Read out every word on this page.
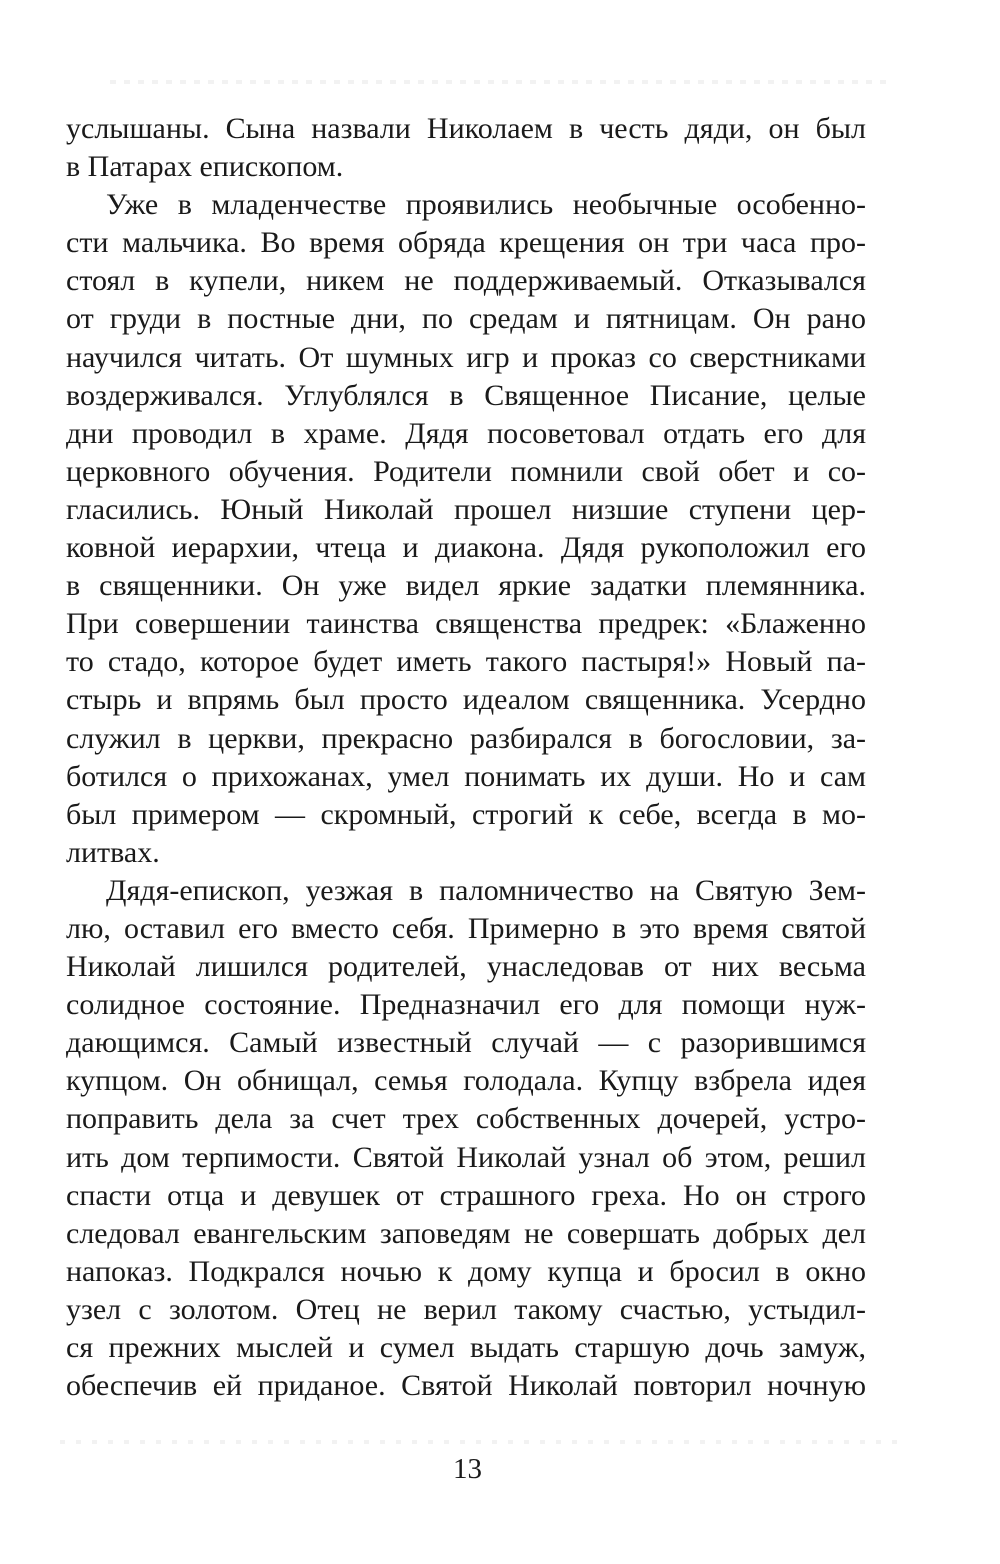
услышаны. Сына назвали Николаем в честь дяди, он был
в Патарах епископом.
Уже в младенчестве проявились необычные особенно-
сти мальчика. Во время обряда крещения он три часа про-
стоял в купели, никем не поддерживаемый. Отказывался
от груди в постные дни, по средам и пятницам. Он рано
научился читать. От шумных игр и проказ со сверстниками
воздерживался. Углублялся в Священное Писание, целые
дни проводил в храме. Дядя посоветовал отдать его для
церковного обучения. Родители помнили свой обет и со-
гласились. Юный Николай прошел низшие ступени цер-
ковной иерархии, чтеца и диакона. Дядя рукоположил его
в священники. Он уже видел яркие задатки племянника.
При совершении таинства священства предрек: «Блаженно
то стадо, которое будет иметь такого пастыря!» Новый па-
стырь и впрямь был просто идеалом священника. Усердно
служил в церкви, прекрасно разбирался в богословии, за-
ботился о прихожанах, умел понимать их души. Но и сам
был примером — скромный, строгий к себе, всегда в мо-
литвах.
Дядя-епископ, уезжая в паломничество на Святую Зем-
лю, оставил его вместо себя. Примерно в это время святой
Николай лишился родителей, унаследовав от них весьма
солидное состояние. Предназначил его для помощи нуж-
дающимся. Самый известный случай — с разорившимся
купцом. Он обнищал, семья голодала. Купцу взбрела идея
поправить дела за счет трех собственных дочерей, устро-
ить дом терпимости. Святой Николай узнал об этом, решил
спасти отца и девушек от страшного греха. Но он строго
следовал евангельским заповедям не совершать добрых дел
напоказ. Подкрался ночью к дому купца и бросил в окно
узел с золотом. Отец не верил такому счастью, устыдил-
ся прежних мыслей и сумел выдать старшую дочь замуж,
обеспечив ей приданое. Святой Николай повторил ночную
13
